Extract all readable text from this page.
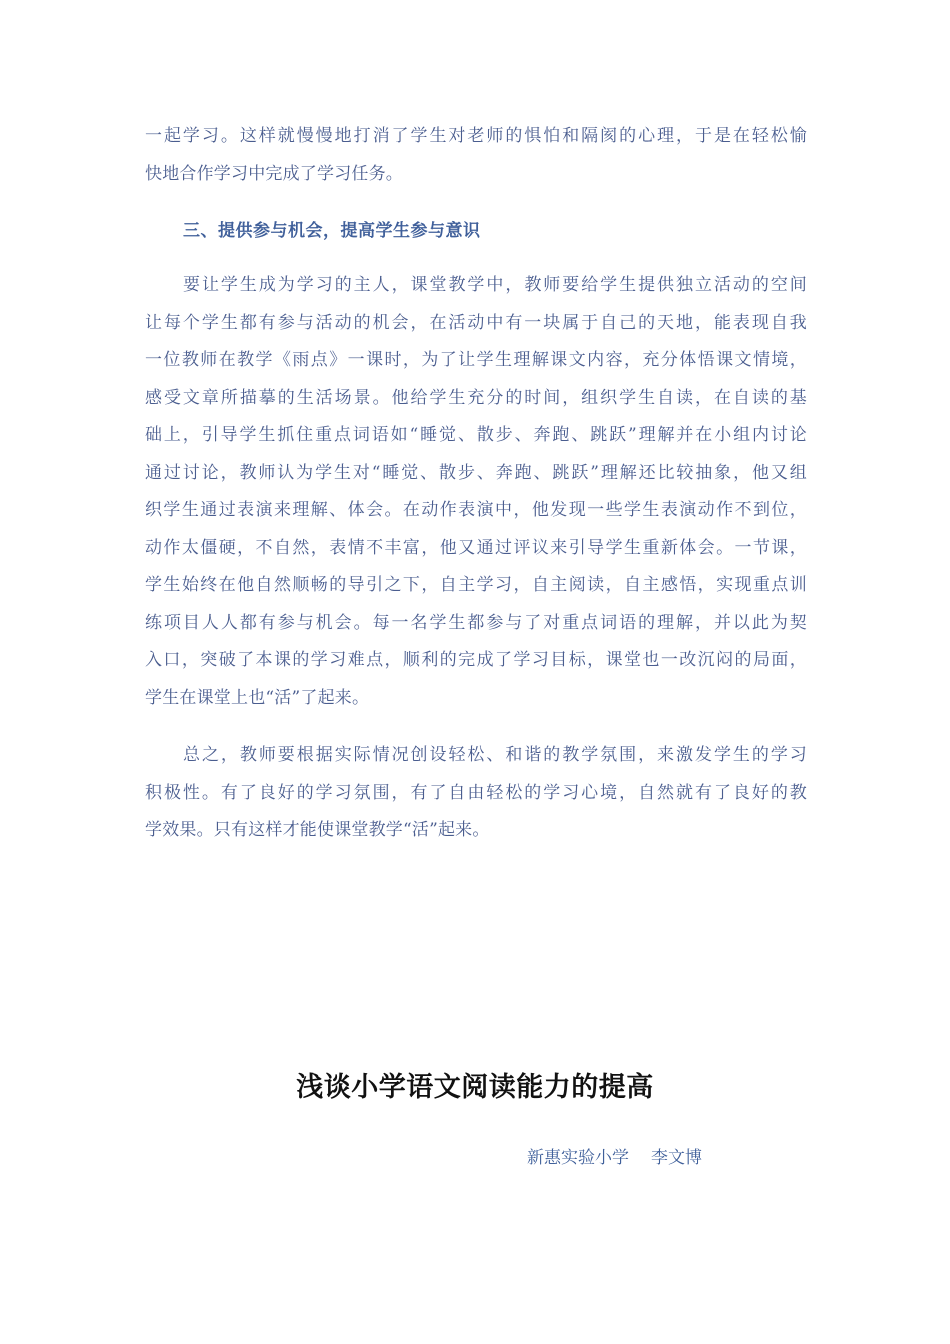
一起学习。这样就慢慢地打消了学生对老师的惧怕和隔阂的心理，于是在轻松愉
快地合作学习中完成了学习任务。
三、提供参与机会，提高学生参与意识
要让学生成为学习的主人，课堂教学中，教师要给学生提供独立活动的空间
让每个学生都有参与活动的机会，在活动中有一块属于自己的天地，能表现自我
一位教师在教学《雨点》一课时，为了让学生理解课文内容，充分体悟课文情境，
感受文章所描摹的生活场景。他给学生充分的时间，组织学生自读，在自读的基
础上，引导学生抓住重点词语如“睡觉、散步、奔跑、跳跃”理解并在小组内讨论
通过讨论，教师认为学生对“睡觉、散步、奔跑、跳跃”理解还比较抽象，他又组
织学生通过表演来理解、体会。在动作表演中，他发现一些学生表演动作不到位，
动作太僵硬，不自然，表情不丰富，他又通过评议来引导学生重新体会。一节课，
学生始终在他自然顺畅的导引之下，自主学习，自主阅读，自主感悟，实现重点训
练项目人人都有参与机会。每一名学生都参与了对重点词语的理解，并以此为契
入口，突破了本课的学习难点，顺利的完成了学习目标，课堂也一改沉闷的局面，
学生在课堂上也“活”了起来。
总之，教师要根据实际情况创设轻松、和谐的教学氛围，来激发学生的学习
积极性。有了良好的学习氛围，有了自由轻松的学习心境，自然就有了良好的教
学效果。只有这样才能使课堂教学“活”起来。
浅谈小学语文阅读能力的提高
新惠实验小学 李文博
